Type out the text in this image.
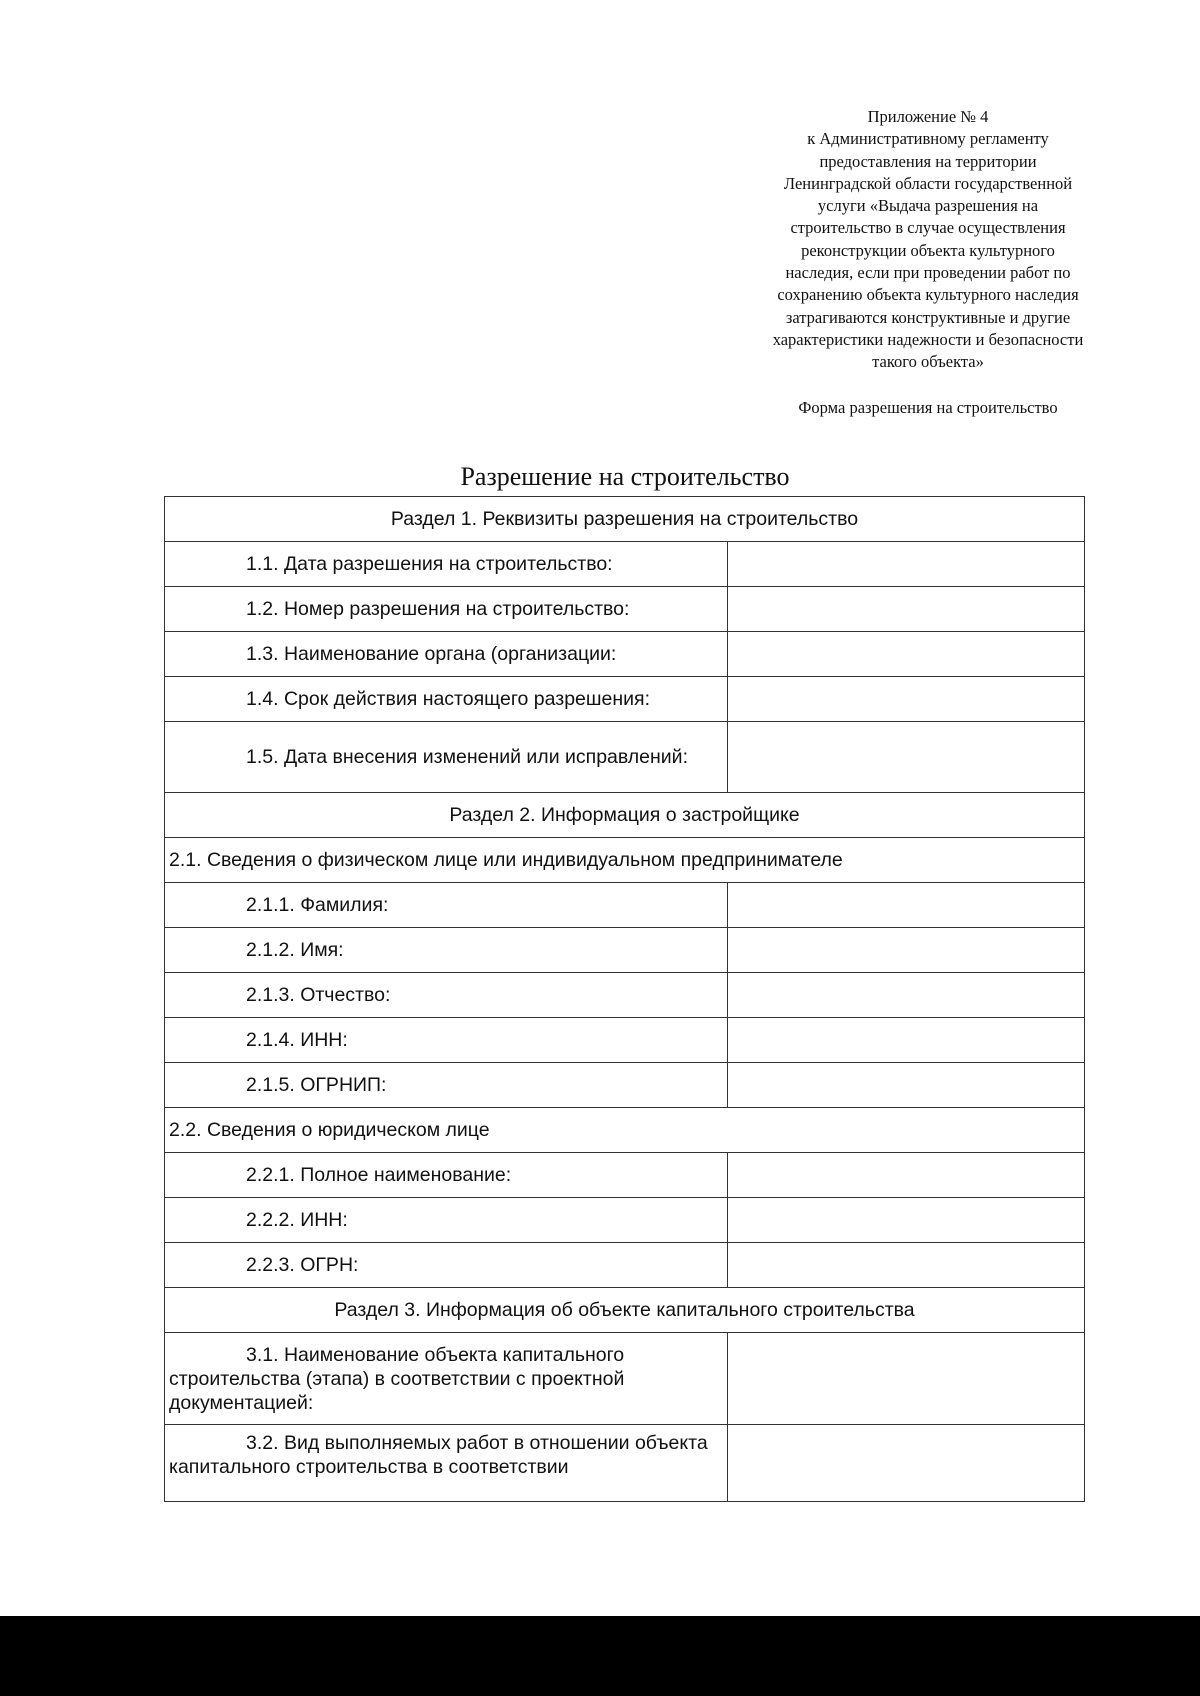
Приложение № 4
к Административному регламенту
предоставления на территории
Ленинградской области государственной
услуги «Выдача разрешения на
строительство в случае осуществления
реконструкции объекта культурного
наследия, если при проведении работ по
сохранению объекта культурного наследия
затрагиваются конструктивные и другие
характеристики надежности и безопасности
такого объекта»
Форма разрешения на строительство
Разрешение на строительство
Раздел 1. Реквизиты разрешения на строительство	
1.1. Дата разрешения на строительство:	
1.2. Номер разрешения на строительство:	
1.3. Наименование органа (организации:	
1.4. Срок действия настоящего разрешения:	
1.5. Дата внесения изменений или исправлений:	
Раздел 2. Информация о застройщике	
2.1. Сведения о физическом лице или индивидуальном предпринимателе	
2.1.1. Фамилия:	
2.1.2. Имя:	
2.1.3. Отчество:	
2.1.4. ИНН:	
2.1.5. ОГРНИП:	
2.2. Сведения о юридическом лице	
2.2.1. Полное наименование:	
2.2.2. ИНН:	
2.2.3. ОГРН:	
Раздел 3. Информация об объекте капитального строительства	
3.1. Наименование объекта капитального строительства (этапа) в соответствии с проектной документацией:	
3.2. Вид выполняемых работ в отношении объекта капитального строительства в соответствии	
